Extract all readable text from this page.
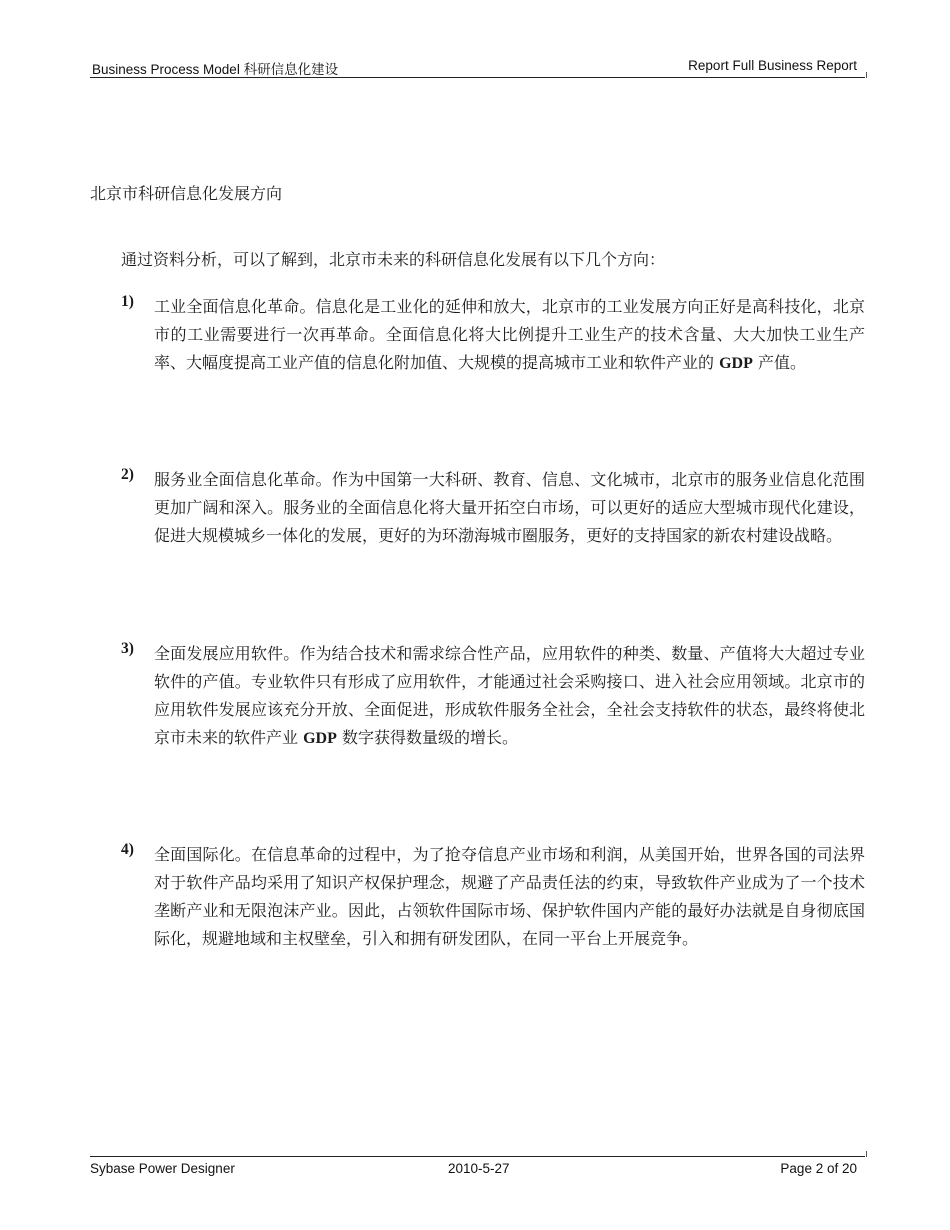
Business Process Model 科研信息化建设	Report Full Business Report
北京市科研信息化发展方向
通过资料分析，可以了解到，北京市未来的科研信息化发展有以下几个方向：
1) 工业全面信息化革命。信息化是工业化的延伸和放大，北京市的工业发展方向正好是高科技化，北京市的工业需要进行一次再革命。全面信息化将大比例提升工业生产的技术含量、大大加快工业生产率、大幅度提高工业产值的信息化附加值、大规模的提高城市工业和软件产业的 GDP 产值。
2) 服务业全面信息化革命。作为中国第一大科研、教育、信息、文化城市，北京市的服务业信息化范围更加广阔和深入。服务业的全面信息化将大量开拓空白市场，可以更好的适应大型城市现代化建设，促进大规模城乡一体化的发展，更好的为环渤海城市圈服务，更好的支持国家的新农村建设战略。
3) 全面发展应用软件。作为结合技术和需求综合性产品，应用软件的种类、数量、产值将大大超过专业软件的产值。专业软件只有形成了应用软件，才能通过社会采购接口、进入社会应用领域。北京市的应用软件发展应该充分开放、全面促进，形成软件服务全社会，全社会支持软件的状态，最终将使北京市未来的软件产业 GDP 数字获得数量级的增长。
4) 全面国际化。在信息革命的过程中，为了抢夺信息产业市场和利润，从美国开始，世界各国的司法界对于软件产品均采用了知识产权保护理念，规避了产品责任法的约束，导致软件产业成为了一个技术垄断产业和无限泡沫产业。因此，占领软件国际市场、保护软件国内产能的最好办法就是自身彻底国际化，规避地域和主权壁垒，引入和拥有研发团队，在同一平台上开展竞争。
Sybase Power Designer	2010-5-27	Page 2 of 20
